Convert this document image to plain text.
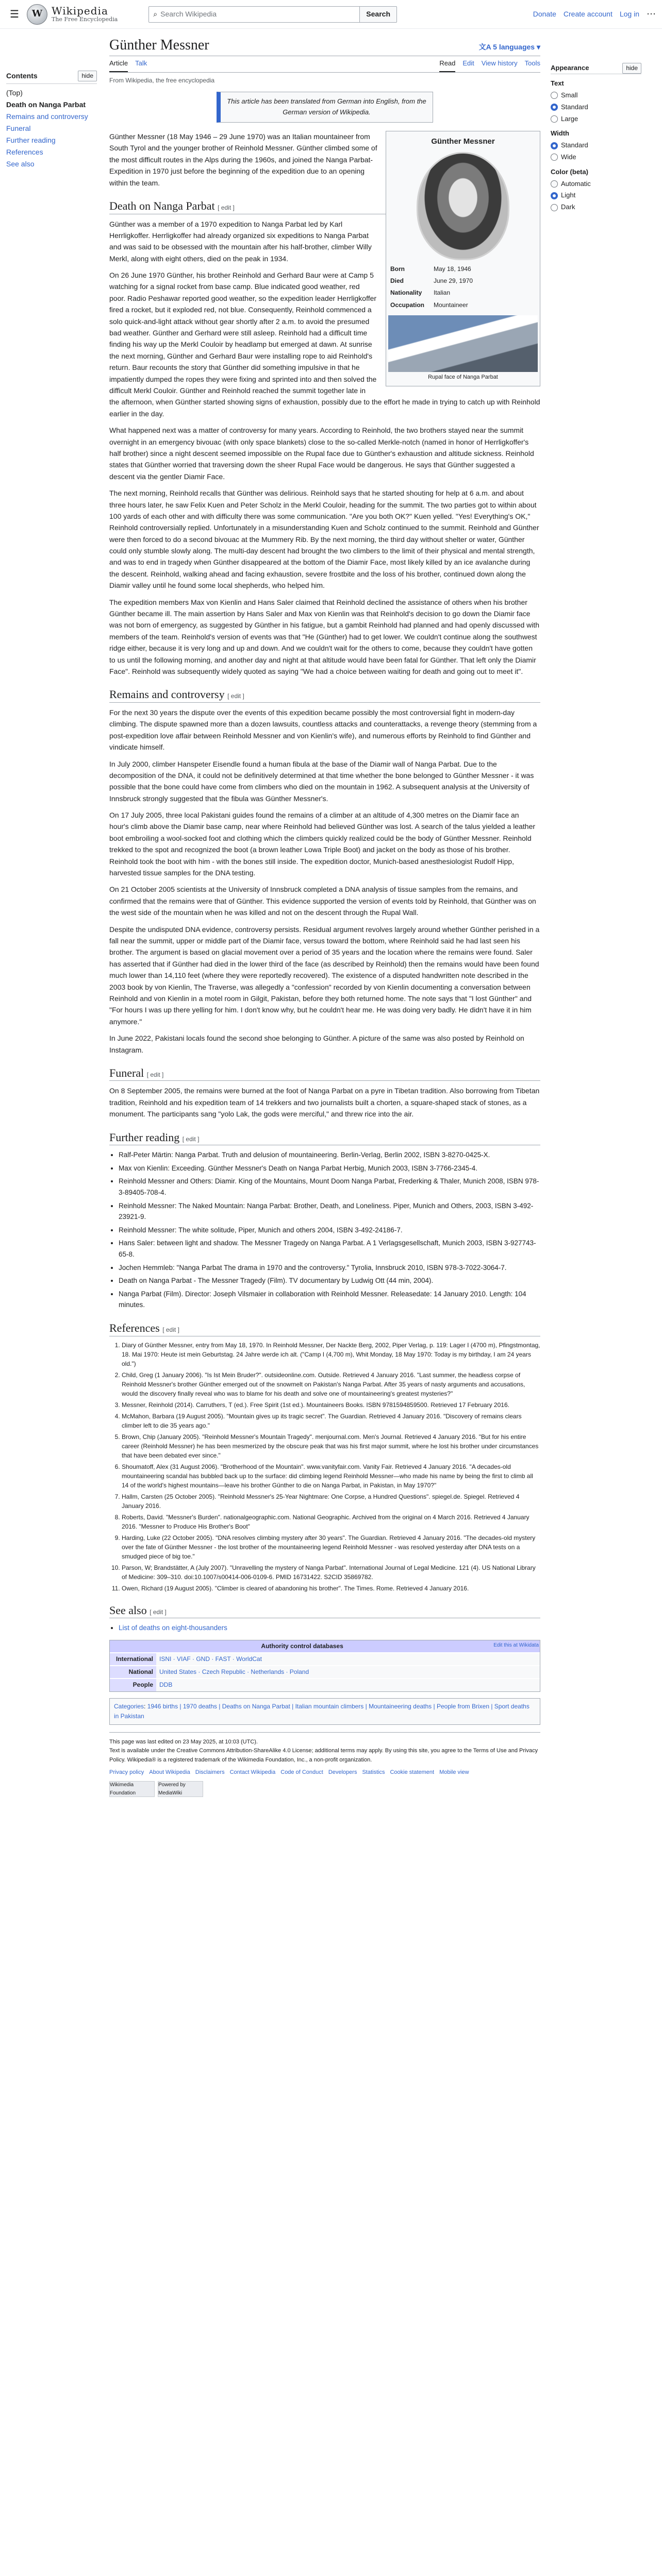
☰	W Wikipedia
The Free Encyclopedia
⌕ Search Wikipedia	Search	Donate Create account Log in ⋯
Contents	hide
(Top)
Death on Nanga Parbat
Remains and controversy
Funeral
Further reading
References
See also
Günther Messner	文A 5 languages ▾
Article Talk	Read Edit View history Tools
From Wikipedia, the free encyclopedia
This article has been translated from German into English, from the German version of Wikipedia.
Günther Messner
Born	May 18, 1946
Died	June 29, 1970
Nationality	Italian
Occupation	Mountaineer
Rupal face of Nanga Parbat

Günther Messner (18 May 1946 – 29 June 1970) was an Italian mountaineer from South Tyrol and the younger brother of Reinhold Messner. Günther climbed some of the most difficult routes in the Alps during the 1960s, and joined the Nanga Parbat-Expedition in 1970 just before the beginning of the expedition due to an opening within the team.

Death on Nanga Parbat [ edit ]

Günther was a member of a 1970 expedition to Nanga Parbat led by Karl Herrligkoffer. Herrligkoffer had already organized six expeditions to Nanga Parbat and was said to be obsessed with the mountain after his half-brother, climber Willy Merkl, along with eight others, died on the peak in 1934.

On 26 June 1970 Günther, his brother Reinhold and Gerhard Baur were at Camp 5 watching for a signal rocket from base camp. Blue indicated good weather, red poor. Radio Peshawar reported good weather, so the expedition leader Herrligkoffer fired a rocket, but it exploded red, not blue. Consequently, Reinhold commenced a solo quick-and-light attack without gear shortly after 2 a.m. to avoid the presumed bad weather. Günther and Gerhard were still asleep. Reinhold had a difficult time finding his way up the Merkl Couloir by headlamp but emerged at dawn. At sunrise the next morning, Günther and Gerhard Baur were installing rope to aid Reinhold's return. Baur recounts the story that Günther did something impulsive in that he impatiently dumped the ropes they were fixing and sprinted into and then solved the difficult Merkl Couloir. Günther and Reinhold reached the summit together late in the afternoon, when Günther started showing signs of exhaustion, possibly due to the effort he made in trying to catch up with Reinhold earlier in the day.

What happened next was a matter of controversy for many years. According to Reinhold, the two brothers stayed near the summit overnight in an emergency bivouac (with only space blankets) close to the so-called Merkle-notch (named in honor of Herrligkoffer's half brother) since a night descent seemed impossible on the Rupal face due to Günther's exhaustion and altitude sickness. Reinhold states that Günther worried that traversing down the sheer Rupal Face would be dangerous. He says that Günther suggested a descent via the gentler Diamir Face.

The next morning, Reinhold recalls that Günther was delirious. Reinhold says that he started shouting for help at 6 a.m. and about three hours later, he saw Felix Kuen and Peter Scholz in the Merkl Couloir, heading for the summit. The two parties got to within about 100 yards of each other and with difficulty there was some communication. "Are you both OK?" Kuen yelled. "Yes! Everything's OK," Reinhold controversially replied. Unfortunately in a misunderstanding Kuen and Scholz continued to the summit. Reinhold and Günther were then forced to do a second bivouac at the Mummery Rib. By the next morning, the third day without shelter or water, Günther could only stumble slowly along. The multi-day descent had brought the two climbers to the limit of their physical and mental strength, and was to end in tragedy when Günther disappeared at the bottom of the Diamir Face, most likely killed by an ice avalanche during the descent. Reinhold, walking ahead and facing exhaustion, severe frostbite and the loss of his brother, continued down along the Diamir valley until he found some local shepherds, who helped him.

The expedition members Max von Kienlin and Hans Saler claimed that Reinhold declined the assistance of others when his brother Günther became ill. The main assertion by Hans Saler and Max von Kienlin was that Reinhold's decision to go down the Diamir face was not born of emergency, as suggested by Günther in his fatigue, but a gambit Reinhold had planned and had openly discussed with members of the team. Reinhold's version of events was that "He (Günther) had to get lower. We couldn't continue along the southwest ridge either, because it is very long and up and down. And we couldn't wait for the others to come, because they couldn't have gotten to us until the following morning, and another day and night at that altitude would have been fatal for Günther. That left only the Diamir Face". Reinhold was subsequently widely quoted as saying "We had a choice between waiting for death and going out to meet it".

Remains and controversy [ edit ]

For the next 30 years the dispute over the events of this expedition became possibly the most controversial fight in modern-day climbing. The dispute spawned more than a dozen lawsuits, countless attacks and counterattacks, a revenge theory (stemming from a post-expedition love affair between Reinhold Messner and von Kienlin's wife), and numerous efforts by Reinhold to find Günther and vindicate himself.

In July 2000, climber Hanspeter Eisendle found a human fibula at the base of the Diamir wall of Nanga Parbat. Due to the decomposition of the DNA, it could not be definitively determined at that time whether the bone belonged to Günther Messner - it was possible that the bone could have come from climbers who died on the mountain in 1962. A subsequent analysis at the University of Innsbruck strongly suggested that the fibula was Günther Messner's.

On 17 July 2005, three local Pakistani guides found the remains of a climber at an altitude of 4,300 metres on the Diamir face an hour's climb above the Diamir base camp, near where Reinhold had believed Günther was lost. A search of the talus yielded a leather boot embroiling a wool-socked foot and clothing which the climbers quickly realized could be the body of Günther Messner. Reinhold trekked to the spot and recognized the boot (a brown leather Lowa Triple Boot) and jacket on the body as those of his brother. Reinhold took the boot with him - with the bones still inside. The expedition doctor, Munich-based anesthesiologist Rudolf Hipp, harvested tissue samples for the DNA testing.

On 21 October 2005 scientists at the University of Innsbruck completed a DNA analysis of tissue samples from the remains, and confirmed that the remains were that of Günther. This evidence supported the version of events told by Reinhold, that Günther was on the west side of the mountain when he was killed and not on the descent through the Rupal Wall.

Despite the undisputed DNA evidence, controversy persists. Residual argument revolves largely around whether Günther perished in a fall near the summit, upper or middle part of the Diamir face, versus toward the bottom, where Reinhold said he had last seen his brother. The argument is based on glacial movement over a period of 35 years and the location where the remains were found. Saler has asserted that if Günther had died in the lower third of the face (as described by Reinhold) then the remains would have been found much lower than 14,110 feet (where they were reportedly recovered). The existence of a disputed handwritten note described in the 2003 book by von Kienlin, The Traverse, was allegedly a "confession" recorded by von Kienlin documenting a conversation between Reinhold and von Kienlin in a motel room in Gilgit, Pakistan, before they both returned home. The note says that "I lost Günther" and "For hours I was up there yelling for him. I don't know why, but he couldn't hear me. He was doing very badly. He didn't have it in him anymore."

In June 2022, Pakistani locals found the second shoe belonging to Günther. A picture of the same was also posted by Reinhold on Instagram.

Funeral [ edit ]

On 8 September 2005, the remains were burned at the foot of Nanga Parbat on a pyre in Tibetan tradition. Also borrowing from Tibetan tradition, Reinhold and his expedition team of 14 trekkers and two journalists built a chorten, a square-shaped stack of stones, as a monument. The participants sang "yolo Lak, the gods were merciful," and threw rice into the air.

Further reading [ edit ]
• Ralf-Peter Märtin: Nanga Parbat. Truth and delusion of mountaineering. Berlin-Verlag, Berlin 2002, ISBN 3-8270-0425-X.
• Max von Kienlin: Exceeding. Günther Messner's Death on Nanga Parbat Herbig, Munich 2003, ISBN 3-7766-2345-4.
• Reinhold Messner and Others: Diamir. King of the Mountains, Mount Doom Nanga Parbat, Frederking & Thaler, Munich 2008, ISBN 978-3-89405-708-4.
• Reinhold Messner: The Naked Mountain: Nanga Parbat: Brother, Death, and Loneliness. Piper, Munich and Others, 2003, ISBN 3-492-23921-9.
• Reinhold Messner: The white solitude, Piper, Munich and others 2004, ISBN 3-492-24186-7.
• Hans Saler: between light and shadow. The Messner Tragedy on Nanga Parbat. A 1 Verlagsgesellschaft, Munich 2003, ISBN 3-927743-65-8.
• Jochen Hemmleb: "Nanga Parbat The drama in 1970 and the controversy." Tyrolia, Innsbruck 2010, ISBN 978-3-7022-3064-7.
• Death on Nanga Parbat - The Messner Tragedy (Film). TV documentary by Ludwig Ott (44 min, 2004).
• Nanga Parbat (Film). Director: Joseph Vilsmaier in collaboration with Reinhold Messner. Releasedate: 14 January 2010. Length: 104 minutes.
References [ edit ]
1. Diary of Günther Messner, entry from May 18, 1970. In Reinhold Messner, Der Nackte Berg, 2002, Piper Verlag, p. 119: Lager I (4700 m), Pfingstmontag, 18. Mai 1970: Heute ist mein Geburtstag. 24 Jahre werde ich alt. ("Camp I (4,700 m), Whit Monday, 18 May 1970: Today is my birthday, I am 24 years old.")
2. Child, Greg (1 January 2006). "Is Ist Mein Bruder?". outsideonline.com. Outside. Retrieved 4 January 2016. "Last summer, the headless corpse of Reinhold Messner's brother Günther emerged out of the snowmelt on Pakistan's Nanga Parbat. After 35 years of nasty arguments and accusations, would the discovery finally reveal who was to blame for his death and solve one of mountaineering's greatest mysteries?"
3. Messner, Reinhold (2014). Carruthers, T (ed.). Free Spirit (1st ed.). Mountaineers Books. ISBN 9781594859500. Retrieved 17 February 2016.
4. McMahon, Barbara (19 August 2005). "Mountain gives up its tragic secret". The Guardian. Retrieved 4 January 2016. "Discovery of remains clears climber left to die 35 years ago."
5. Brown, Chip (January 2005). "Reinhold Messner's Mountain Tragedy". menjournal.com. Men's Journal. Retrieved 4 January 2016. "But for his entire career (Reinhold Messner) he has been mesmerized by the obscure peak that was his first major summit, where he lost his brother under circumstances that have been debated ever since."
6. Shoumatoff, Alex (31 August 2006). "Brotherhood of the Mountain". www.vanityfair.com. Vanity Fair. Retrieved 4 January 2016. "A decades-old mountaineering scandal has bubbled back up to the surface: did climbing legend Reinhold Messner—who made his name by being the first to climb all 14 of the world's highest mountains—leave his brother Günther to die on Nanga Parbat, in Pakistan, in May 1970?"
7. Hallm, Carsten (25 October 2005). "Reinhold Messner's 25-Year Nightmare: One Corpse, a Hundred Questions". spiegel.de. Spiegel. Retrieved 4 January 2016.
8. Roberts, David. "Messner's Burden". nationalgeographic.com. National Geographic. Archived from the original on 4 March 2016. Retrieved 4 January 2016. "Messner to Produce His Brother's Boot"
9. Harding, Luke (22 October 2005). "DNA resolves climbing mystery after 30 years". The Guardian. Retrieved 4 January 2016. "The decades-old mystery over the fate of Günther Messner - the lost brother of the mountaineering legend Reinhold Messner - was resolved yesterday after DNA tests on a smudged piece of big toe."
10. Parson, W; Brandstätter, A (July 2007). "Unravelling the mystery of Nanga Parbat". International Journal of Legal Medicine. 121 (4). US National Library of Medicine: 309–310. doi:10.1007/s00414-006-0109-6. PMID 16731422. S2CID 35869782.
11. Owen, Richard (19 August 2005). "Climber is cleared of abandoning his brother". The Times. Rome. Retrieved 4 January 2016.
See also [ edit ]
• List of deaths on eight-thousanders
Authority control databases	Edit this at Wikidata
International	ISNI · VIAF · GND · FAST · WorldCat
National	United States · Czech Republic · Netherlands · Poland
People	DDB
Categories: 1946 births | 1970 deaths | Deaths on Nanga Parbat | Italian mountain climbers | Mountaineering deaths | People from Brixen | Sport deaths in Pakistan
This page was last edited on 23 May 2025, at 10:03 (UTC).
Text is available under the Creative Commons Attribution-ShareAlike 4.0 License; additional terms may apply. By using this site, you agree to the Terms of Use and Privacy Policy. Wikipedia® is a registered trademark of the Wikimedia Foundation, Inc., a non-profit organization.
Privacy policy About Wikipedia Disclaimers Contact Wikipedia Code of Conduct Developers Statistics Cookie statement Mobile view
Wikimedia Foundation
Powered by MediaWiki
Appearance	hide
Text
Small
Standard
Large
Width
Standard
Wide
Color (beta)
Automatic
Light
Dark
